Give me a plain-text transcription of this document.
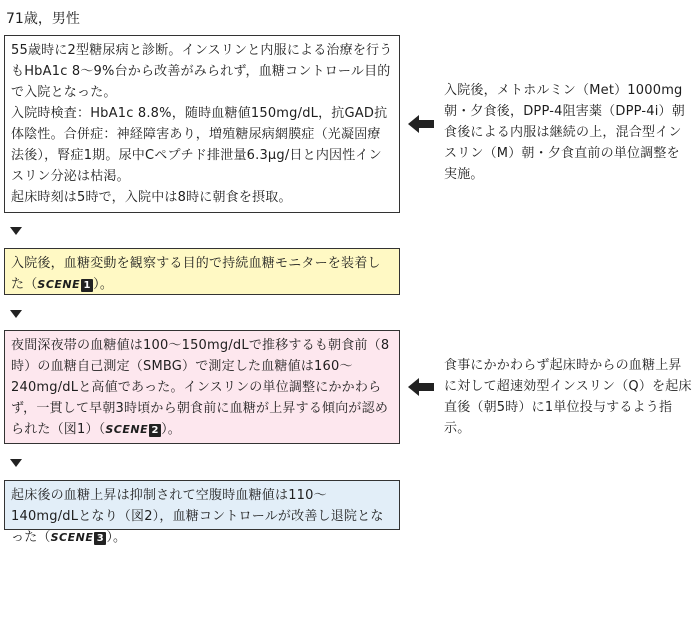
71歳，男性

55歳時に2型糖尿病と診断。インスリンと内服による治療を行うもHbA1c 8〜9%台から改善がみられず，血糖コントロール目的で入院となった。

入院時検査：HbA1c 8.8%，随時血糖値150mg/dL，抗GAD抗体陰性。合併症：神経障害あり，増殖糖尿病網膜症（光凝固療法後），腎症1期。尿中Cペプチド排泄量6.3μg/日と内因性インスリン分泌は枯渇。

起床時刻は5時で，入院中は8時に朝食を摂取。

入院後，血糖変動を観察する目的で持続血糖モニターを装着した（SCENE 1 ）。
夜間深夜帯の血糖値は100〜150mg/dLで推移するも朝食前（8時）の血糖自己測定（SMBG）で測定した血糖値は160〜240mg/dLと高値であった。インスリンの単位調整にかかわらず，一貫して早朝3時頃から朝食前に血糖が上昇する傾向が認められた（図1）（SCENE 2 ）。
起床後の血糖上昇は抑制されて空腹時血糖値は110〜140mg/dLとなり（図2），血糖コントロールが改善し退院となった（SCENE 3 ）。
入院後，メトホルミン（Met）1000mg朝・夕食後，DPP-4阻害薬（DPP-4i）朝食後による内服は継続の上，混合型インスリン（M）朝・夕食直前の単位調整を実施。
食事にかかわらず起床時からの血糖上昇に対して超速効型インスリン（Q）を起床直後（朝5時）に1単位投与するよう指示。
